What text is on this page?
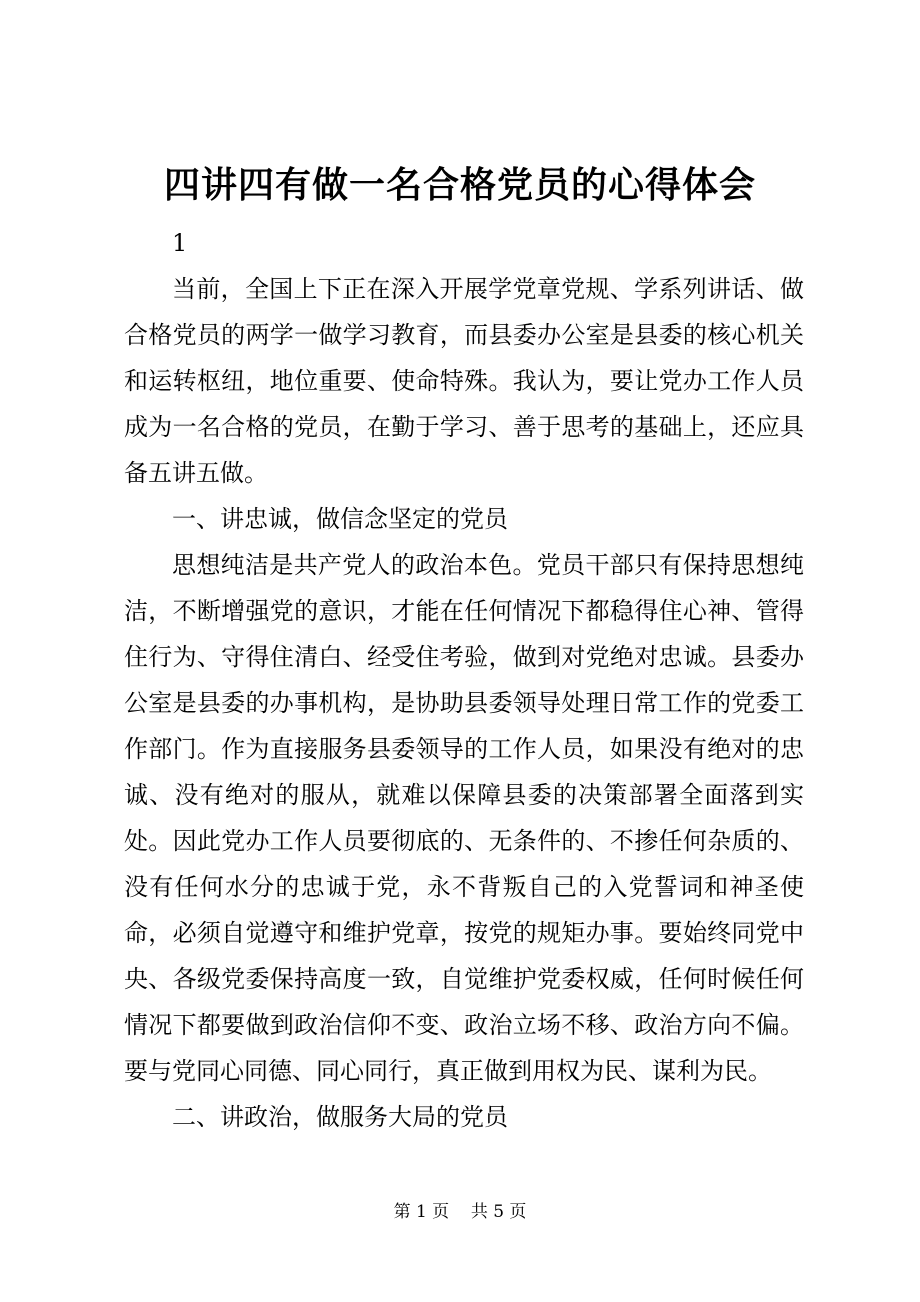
四讲四有做一名合格党员的心得体会

1

当前，全国上下正在深入开展学党章党规、学系列讲话、做合格党员的两学一做学习教育，而县委办公室是县委的核心机关和运转枢纽，地位重要、使命特殊。我认为，要让党办工作人员成为一名合格的党员，在勤于学习、善于思考的基础上，还应具备五讲五做。

一、讲忠诚，做信念坚定的党员

思想纯洁是共产党人的政治本色。党员干部只有保持思想纯洁，不断增强党的意识，才能在任何情况下都稳得住心神、管得住行为、守得住清白、经受住考验，做到对党绝对忠诚。县委办公室是县委的办事机构，是协助县委领导处理日常工作的党委工作部门。作为直接服务县委领导的工作人员，如果没有绝对的忠诚、没有绝对的服从，就难以保障县委的决策部署全面落到实处。因此党办工作人员要彻底的、无条件的、不掺任何杂质的、没有任何水分的忠诚于党，永不背叛自己的入党誓词和神圣使命，必须自觉遵守和维护党章，按党的规矩办事。要始终同党中央、各级党委保持高度一致，自觉维护党委权威，任何时候任何情况下都要做到政治信仰不变、政治立场不移、政治方向不偏。要与党同心同德、同心同行，真正做到用权为民、谋利为民。

二、讲政治，做服务大局的党员

第 1 页 共 5 页
